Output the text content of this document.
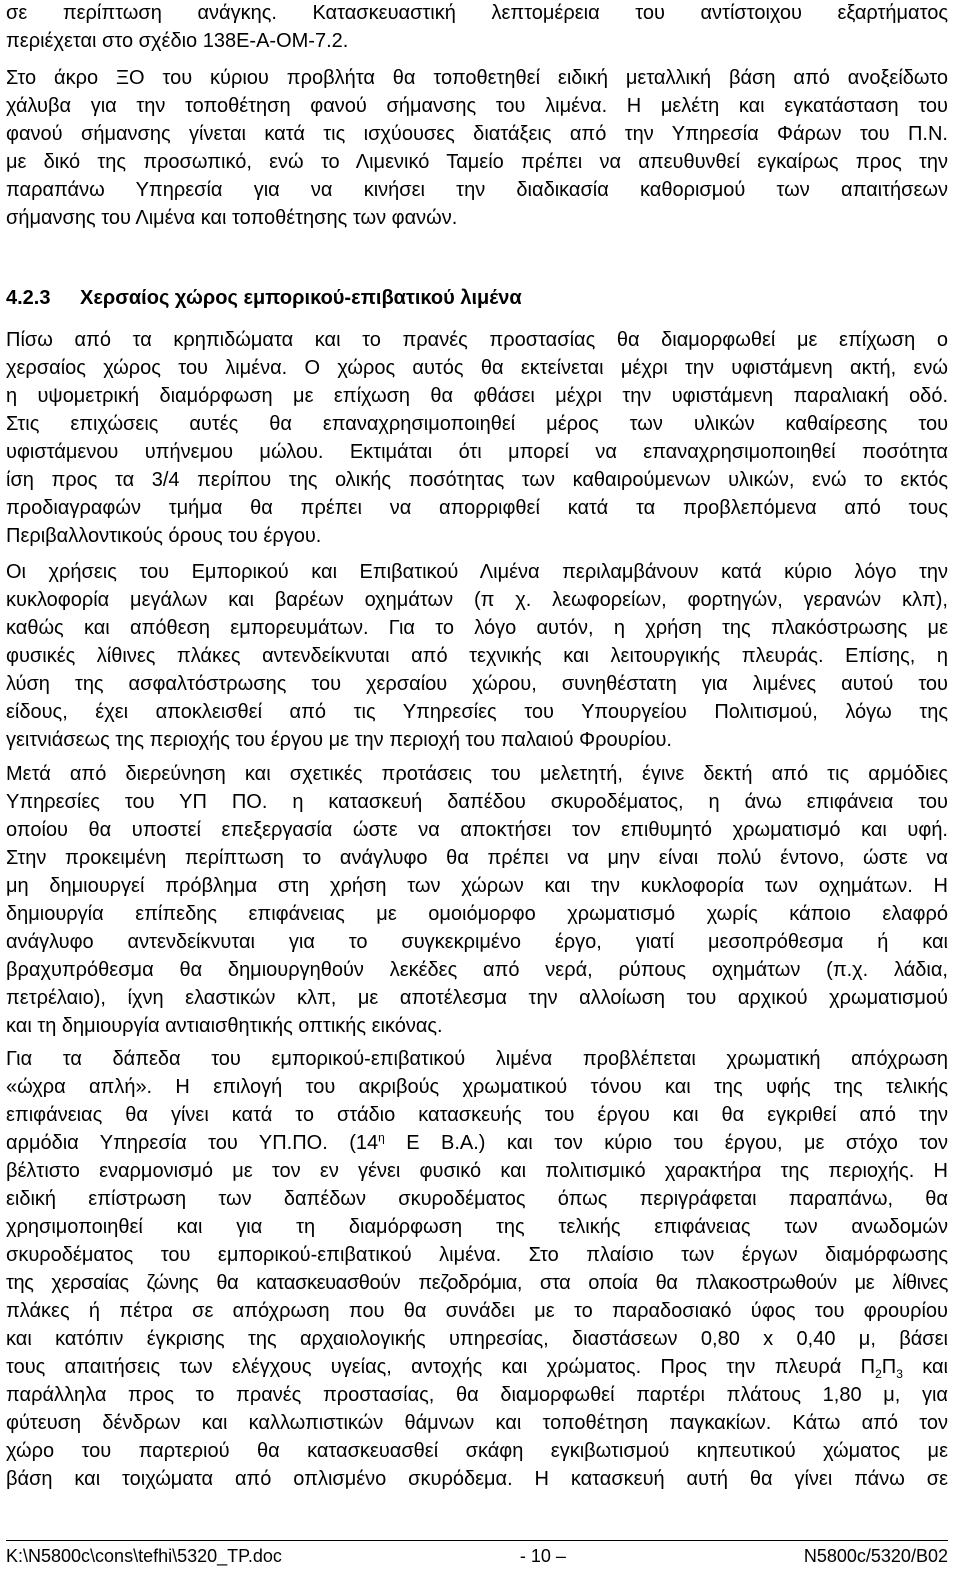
σε περίπτωση ανάγκης. Κατασκευαστική λεπτομέρεια του αντίστοιχου εξαρτήματος
περιέχεται στο σχέδιο 138Ε-Α-ΟΜ-7.2.

Στο άκρο ΞΟ του κύριου προβλήτα θα τοποθετηθεί ειδική μεταλλική βάση από ανοξείδωτο
χάλυβα για την τοποθέτηση φανού σήμανσης του λιμένα. Η μελέτη και εγκατάσταση του
φανού σήμανσης γίνεται κατά τις ισχύουσες διατάξεις από την Υπηρεσία Φάρων του Π.Ν.
με δικό της προσωπικό, ενώ το Λιμενικό Ταμείο πρέπει να απευθυνθεί εγκαίρως προς την
παραπάνω Υπηρεσία για να κινήσει την διαδικασία καθορισμού των απαιτήσεων
σήμανσης του Λιμένα και τοποθέτησης των φανών.

4.2.3	Χερσαίος χώρος εμπορικού-επιβατικού λιμένα

Πίσω από τα κρηπιδώματα και το πρανές προστασίας θα διαμορφωθεί με επίχωση ο
χερσαίος χώρος του λιμένα. Ο χώρος αυτός θα εκτείνεται μέχρι την υφιστάμενη ακτή, ενώ
η υψομετρική διαμόρφωση με επίχωση θα φθάσει μέχρι την υφιστάμενη παραλιακή οδό.
Στις επιχώσεις αυτές θα επαναχρησιμοποιηθεί μέρος των υλικών καθαίρεσης του
υφιστάμενου υπήνεμου μώλου. Εκτιμάται ότι μπορεί να επαναχρησιμοποιηθεί ποσότητα
ίση προς τα 3/4 περίπου της ολικής ποσότητας των καθαιρούμενων υλικών, ενώ το εκτός
προδιαγραφών τμήμα θα πρέπει να απορριφθεί κατά τα προβλεπόμενα από τους
Περιβαλλοντικούς όρους του έργου.

Οι χρήσεις του Εμπορικού και Επιβατικού Λιμένα περιλαμβάνουν κατά κύριο λόγο την
κυκλοφορία μεγάλων και βαρέων οχημάτων (π χ. λεωφορείων, φορτηγών, γερανών κλπ),
καθώς και απόθεση εμπορευμάτων. Για το λόγο αυτόν, η χρήση της πλακόστρωσης με
φυσικές λίθινες πλάκες αντενδείκνυται από τεχνικής και λειτουργικής πλευράς. Επίσης, η
λύση της ασφαλτόστρωσης του χερσαίου χώρου, συνηθέστατη για λιμένες αυτού του
είδους, έχει αποκλεισθεί από τις Υπηρεσίες του Υπουργείου Πολιτισμού, λόγω της
γειτνιάσεως της περιοχής του έργου με την περιοχή του παλαιού Φρουρίου.

Μετά από διερεύνηση και σχετικές προτάσεις του μελετητή, έγινε δεκτή από τις αρμόδιες
Υπηρεσίες του ΥΠ ΠΟ. η κατασκευή δαπέδου σκυροδέματος, η άνω επιφάνεια του
οποίου θα υποστεί επεξεργασία ώστε να αποκτήσει τον επιθυμητό χρωματισμό και υφή.
Στην προκειμένη περίπτωση το ανάγλυφο θα πρέπει να μην είναι πολύ έντονο, ώστε να
μη δημιουργεί πρόβλημα στη χρήση των χώρων και την κυκλοφορία των οχημάτων. Η
δημιουργία επίπεδης επιφάνειας με ομοιόμορφο χρωματισμό χωρίς κάποιο ελαφρό
ανάγλυφο αντενδείκνυται για το συγκεκριμένο έργο, γιατί μεσοπρόθεσμα ή και
βραχυπρόθεσμα θα δημιουργηθούν λεκέδες από νερά, ρύπους οχημάτων (π.χ. λάδια,
πετρέλαιο), ίχνη ελαστικών κλπ, με αποτέλεσμα την αλλοίωση του αρχικού χρωματισμού
και τη δημιουργία αντιαισθητικής οπτικής εικόνας.

Για τα δάπεδα του εμπορικού-επιβατικού λιμένα προβλέπεται χρωματική απόχρωση
«ώχρα απλή». Η επιλογή του ακριβούς χρωματικού τόνου και της υφής της τελικής
επιφάνειας θα γίνει κατά το στάδιο κατασκευής του έργου και θα εγκριθεί από την
αρμόδια Υπηρεσία του ΥΠ.ΠΟ. ($14^\eta$ Ε Β.Α.) και τον κύριο του έργου, με στόχο τον
βέλτιστο εναρμονισμό με τον εν γένει φυσικό και πολιτισμικό χαρακτήρα της περιοχής. Η
ειδική επίστρωση των δαπέδων σκυροδέματος όπως περιγράφεται παραπάνω, θα
χρησιμοποιηθεί και για τη διαμόρφωση της τελικής επιφάνειας των ανωδομών
σκυροδέματος του εμπορικού-επιβατικού λιμένα. Στο πλαίσιο των έργων διαμόρφωσης
της χερσαίας ζώνης θα κατασκευασθούν πεζοδρόμια, στα οποία θα πλακοστρωθούν με λίθινες
πλάκες ή πέτρα σε απόχρωση που θα συνάδει με το παραδοσιακό ύφος του φρουρίου
και κατόπιν έγκρισης της αρχαιολογικής υπηρεσίας, διαστάσεων 0,80 x 0,40 μ, βάσει
τους απαιτήσεις των ελέγχους υγείας, αντοχής και χρώματος. Προς την πλευρά $\Pi_2\Pi_3$ και
παράλληλα προς το πρανές προστασίας, θα διαμορφωθεί παρτέρι πλάτους 1,80 μ, για
φύτευση δένδρων και καλλωπιστικών θάμνων και τοποθέτηση παγκακίων. Κάτω από τον
χώρο του παρτεριού θα κατασκευασθεί σκάφη εγκιβωτισμού κηπευτικού χώματος με
βάση και τοιχώματα από οπλισμένο σκυρόδεμα. Η κατασκευή αυτή θα γίνει πάνω σε

K:\N5800c\cons\tefhi\5320_TP.doc	- 10 –	N5800c/5320/B02
